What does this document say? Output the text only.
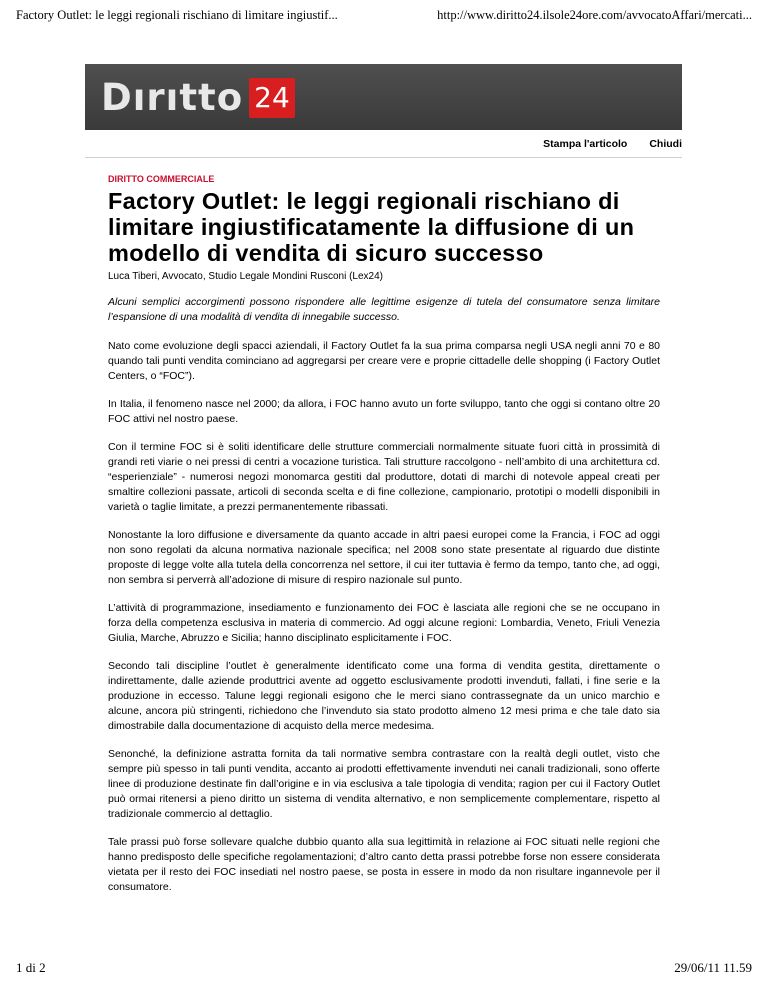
Factory Outlet: le leggi regionali rischiano di limitare ingiustif...	http://www.diritto24.ilsole24ore.com/avvocatoAffari/mercati...
Dırıtto 24
Stampa l'articolo Chiudi
DIRITTO COMMERCIALE
Factory Outlet: le leggi regionali rischiano di limitare ingiustificatamente la diffusione di un modello di vendita di sicuro successo
Luca Tiberi, Avvocato, Studio Legale Mondini Rusconi (Lex24)

Alcuni semplici accorgimenti possono rispondere alle legittime esigenze di tutela del consumatore senza limitare l’espansione di una modalità di vendita di innegabile successo.

Nato come evoluzione degli spacci aziendali, il Factory Outlet fa la sua prima comparsa negli USA negli anni 70 e 80 quando tali punti vendita cominciano ad aggregarsi per creare vere e proprie cittadelle delle shopping (i Factory Outlet Centers, o “FOC”).

In Italia, il fenomeno nasce nel 2000; da allora, i FOC hanno avuto un forte sviluppo, tanto che oggi si contano oltre 20 FOC attivi nel nostro paese.

Con il termine FOC si è soliti identificare delle strutture commerciali normalmente situate fuori città in prossimità di grandi reti viarie o nei pressi di centri a vocazione turistica. Tali strutture raccolgono - nell’ambito di una architettura cd. “esperienziale” - numerosi negozi monomarca gestiti dal produttore, dotati di marchi di notevole appeal creati per smaltire collezioni passate, articoli di seconda scelta e di fine collezione, campionario, prototipi o modelli disponibili in varietà o taglie limitate, a prezzi permanentemente ribassati.

Nonostante la loro diffusione e diversamente da quanto accade in altri paesi europei come la Francia, i FOC ad oggi non sono regolati da alcuna normativa nazionale specifica; nel 2008 sono state presentate al riguardo due distinte proposte di legge volte alla tutela della concorrenza nel settore, il cui iter tuttavia è fermo da tempo, tanto che, ad oggi, non sembra si perverrà all’adozione di misure di respiro nazionale sul punto.

L’attività di programmazione, insediamento e funzionamento dei FOC è lasciata alle regioni che se ne occupano in forza della competenza esclusiva in materia di commercio. Ad oggi alcune regioni: Lombardia, Veneto, Friuli Venezia Giulia, Marche, Abruzzo e Sicilia; hanno disciplinato esplicitamente i FOC.

Secondo tali discipline l’outlet è generalmente identificato come una forma di vendita gestita, direttamente o indirettamente, dalle aziende produttrici avente ad oggetto esclusivamente prodotti invenduti, fallati, i fine serie e la produzione in eccesso. Talune leggi regionali esigono che le merci siano contrassegnate da un unico marchio e alcune, ancora più stringenti, richiedono che l’invenduto sia stato prodotto almeno 12 mesi prima e che tale dato sia dimostrabile dalla documentazione di acquisto della merce medesima.

Senonché, la definizione astratta fornita da tali normative sembra contrastare con la realtà degli outlet, visto che sempre più spesso in tali punti vendita, accanto ai prodotti effettivamente invenduti nei canali tradizionali, sono offerte linee di produzione destinate fin dall’origine e in via esclusiva a tale tipologia di vendita; ragion per cui il Factory Outlet può ormai ritenersi a pieno diritto un sistema di vendita alternativo, e non semplicemente complementare, rispetto al tradizionale commercio al dettaglio.

Tale prassi può forse sollevare qualche dubbio quanto alla sua legittimità in relazione ai FOC situati nelle regioni che hanno predisposto delle specifiche regolamentazioni; d’altro canto detta prassi potrebbe forse non essere considerata vietata per il resto dei FOC insediati nel nostro paese, se posta in essere in modo da non risultare ingannevole per il consumatore.

1 di 2	29/06/11 11.59
